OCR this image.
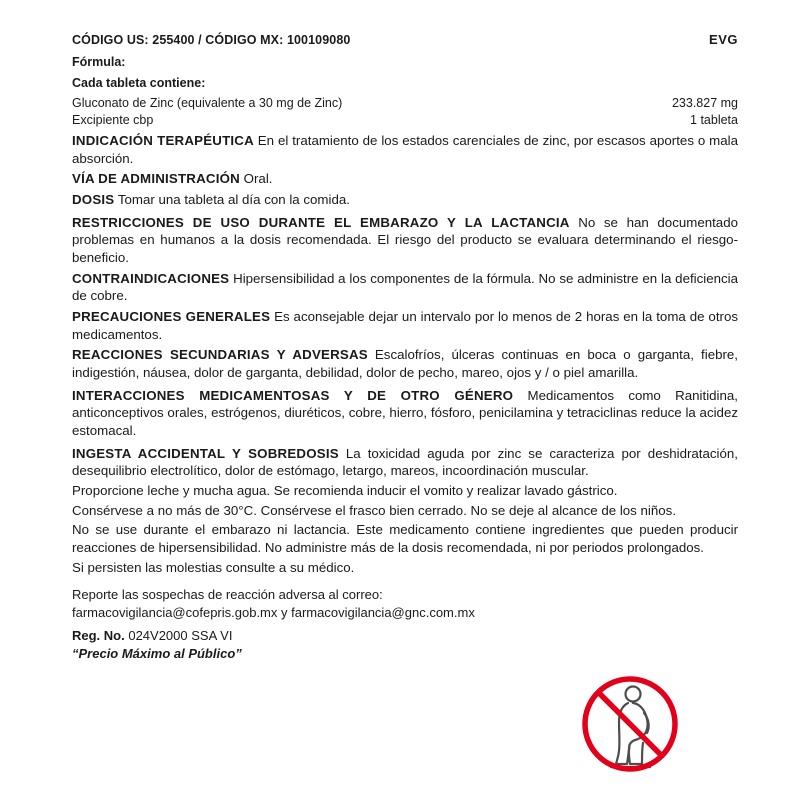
CÓDIGO US: 255400 / CÓDIGO MX: 100109080	EVG
Fórmula:
Cada tableta contiene:
Gluconato de Zinc (equivalente a 30 mg de Zinc)	233.827 mg
Excipiente cbp	1 tableta
INDICACIÓN TERAPÉUTICA En el tratamiento de los estados carenciales de zinc, por escasos aportes o mala absorción.
VÍA DE ADMINISTRACIÓN Oral.
DOSIS Tomar una tableta al día con la comida.
RESTRICCIONES DE USO DURANTE EL EMBARAZO Y LA LACTANCIA No se han documentado problemas en humanos a la dosis recomendada. El riesgo del producto se evaluara determinando el riesgo-beneficio.
CONTRAINDICACIONES Hipersensibilidad a los componentes de la fórmula. No se administre en la deficiencia de cobre.
PRECAUCIONES GENERALES Es aconsejable dejar un intervalo por lo menos de 2 horas en la toma de otros medicamentos.
REACCIONES SECUNDARIAS Y ADVERSAS Escalofríos, úlceras continuas en boca o garganta, fiebre, indigestión, náusea, dolor de garganta, debilidad, dolor de pecho, mareo, ojos y / o piel amarilla.
INTERACCIONES MEDICAMENTOSAS Y DE OTRO GÉNERO Medicamentos como Ranitidina, anticonceptivos orales, estrógenos, diuréticos, cobre, hierro, fósforo, penicilamina y tetraciclinas reduce la acidez estomacal.
INGESTA ACCIDENTAL Y SOBREDOSIS La toxicidad aguda por zinc se caracteriza por deshidratación, desequilibrio electrolítico, dolor de estómago, letargo, mareos, incoordinación muscular.
Proporcione leche y mucha agua. Se recomienda inducir el vomito y realizar lavado gástrico.
Consérvese a no más de 30°C. Consérvese el frasco bien cerrado. No se deje al alcance de los niños.
No se use durante el embarazo ni lactancia. Este medicamento contiene ingredientes que pueden producir reacciones de hipersensibilidad. No administre más de la dosis recomendada, ni por periodos prolongados.
Si persisten las molestias consulte a su médico.
Reporte las sospechas de reacción adversa al correo:
farmacovigilancia@cofepris.gob.mx y farmacovigilancia@gnc.com.mx
Reg. No. 024V2000 SSA VI
“Precio Máximo al Público”
